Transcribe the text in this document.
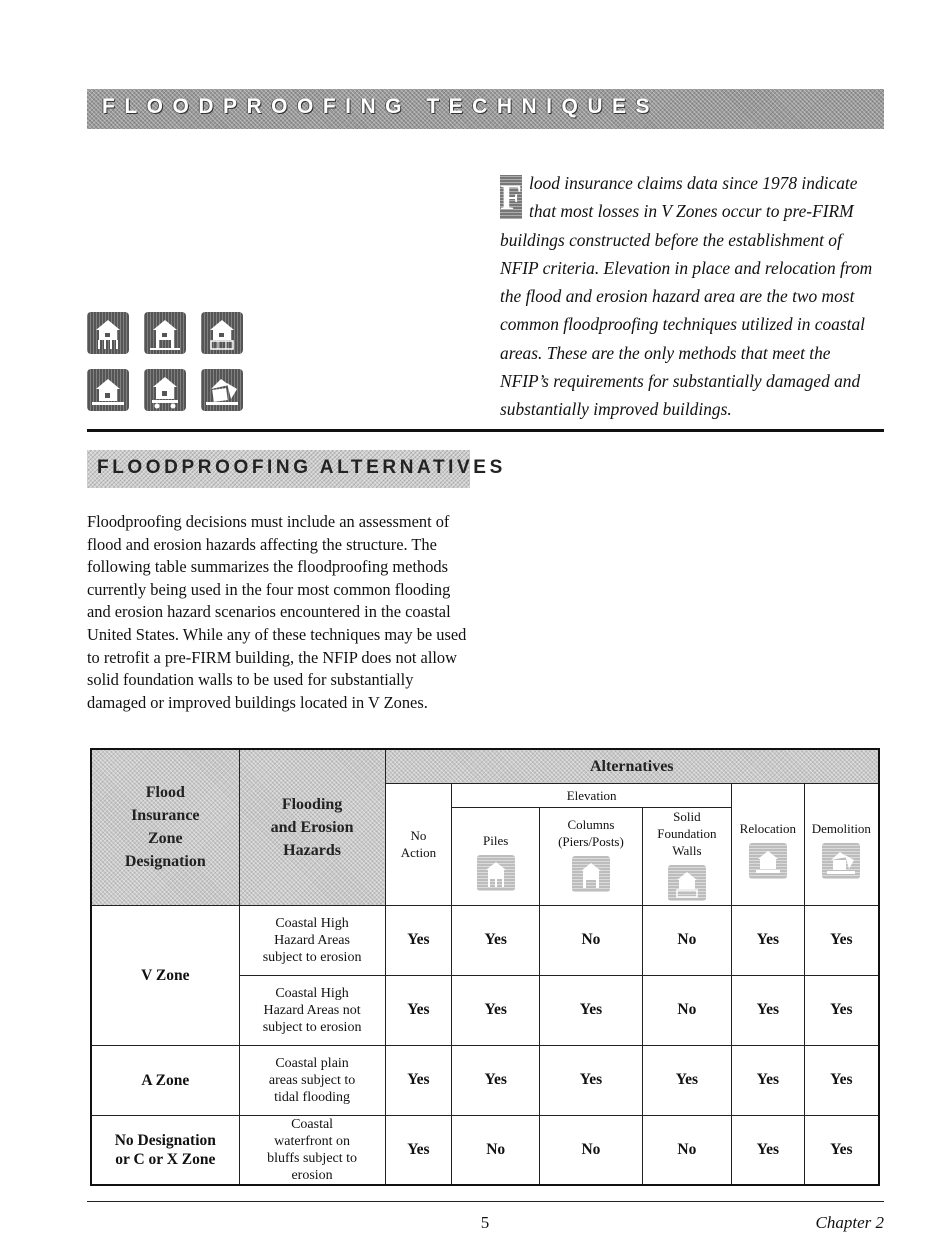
FLOODPROOFING TECHNIQUES
F lood insurance claims data since 1978 indicate that most losses in V Zones occur to pre-FIRM buildings constructed before the establishment of NFIP criteria. Elevation in place and relocation from the flood and erosion hazard area are the two most common floodproofing techniques utilized in coastal areas. These are the only methods that meet the NFIP’s requirements for substantially damaged and substantially improved buildings.
FLOODPROOFING ALTERNATIVES
Floodproofing decisions must include an assessment of flood and erosion hazards affecting the structure. The following table summarizes the floodproofing methods currently being used in the four most common flooding and erosion hazard scenarios encountered in the coastal United States. While any of these techniques may be used to retrofit a pre-FIRM building, the NFIP does not allow solid foundation walls to be used for substantially damaged or improved buildings located in V Zones.
Flood Insurance Zone Designation	Flooding and Erosion Hazards	Alternatives					

		No Action	Elevation			Relocation	Demolition

			Piles	Columns (Piers/Posts)	Solid Foundation Walls		

V Zone	Coastal High Hazard Areas subject to erosion	Yes	Yes	No	No	Yes	Yes

	Coastal High Hazard Areas not subject to erosion	Yes	Yes	Yes	No	Yes	Yes
A Zone	Coastal plain areas subject to tidal flooding	Yes	Yes	Yes	Yes	Yes	Yes

No Designation or C or X Zone	Coastal waterfront on bluffs subject to erosion	Yes	No	No	No	Yes	Yes
5	Chapter 2
